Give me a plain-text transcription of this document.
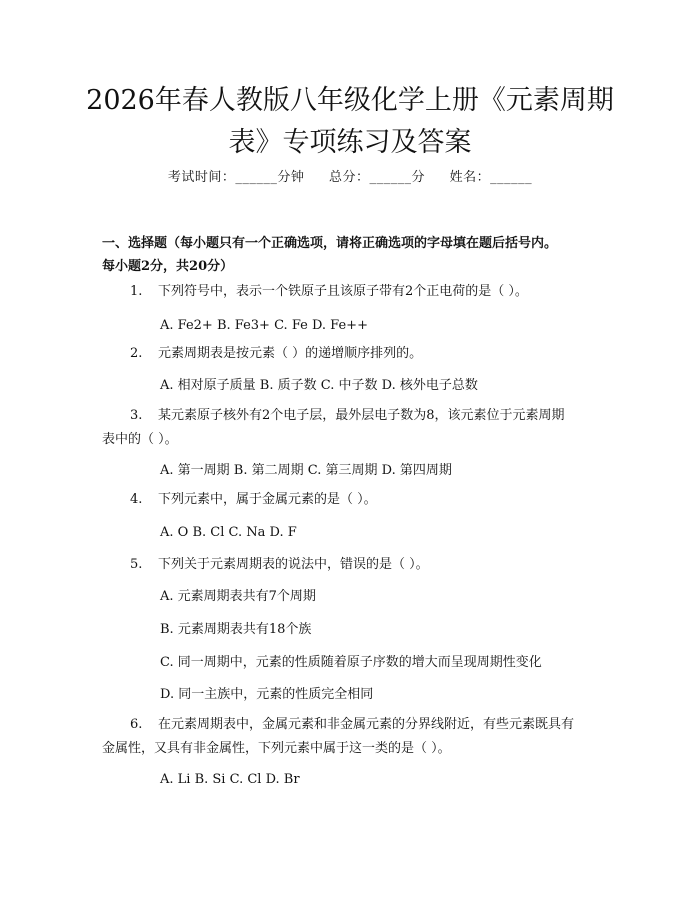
2026年春人教版八年级化学上册《元素周期
表》专项练习及答案
考试时间：______分钟 总分：______分 姓名：______
一、选择题（每小题只有一个正确选项，请将正确选项的字母填在题后括号内。
每小题2分，共20分）
1. 下列符号中，表示一个铁原子且该原子带有2个正电荷的是（ ）。
A. Fe2+ B. Fe3+ C. Fe D. Fe++
2. 元素周期表是按元素（ ）的递增顺序排列的。
A. 相对原子质量 B. 质子数 C. 中子数 D. 核外电子总数
3. 某元素原子核外有2个电子层，最外层电子数为8，该元素位于元素周期
表中的（ ）。
A. 第一周期 B. 第二周期 C. 第三周期 D. 第四周期
4. 下列元素中，属于金属元素的是（ ）。
A. O B. Cl C. Na D. F
5. 下列关于元素周期表的说法中，错误的是（ ）。
A. 元素周期表共有7个周期
B. 元素周期表共有18个族
C. 同一周期中，元素的性质随着原子序数的增大而呈现周期性变化
D. 同一主族中，元素的性质完全相同
6. 在元素周期表中，金属元素和非金属元素的分界线附近，有些元素既具有
金属性，又具有非金属性，下列元素中属于这一类的是（ ）。
A. Li B. Si C. Cl D. Br
